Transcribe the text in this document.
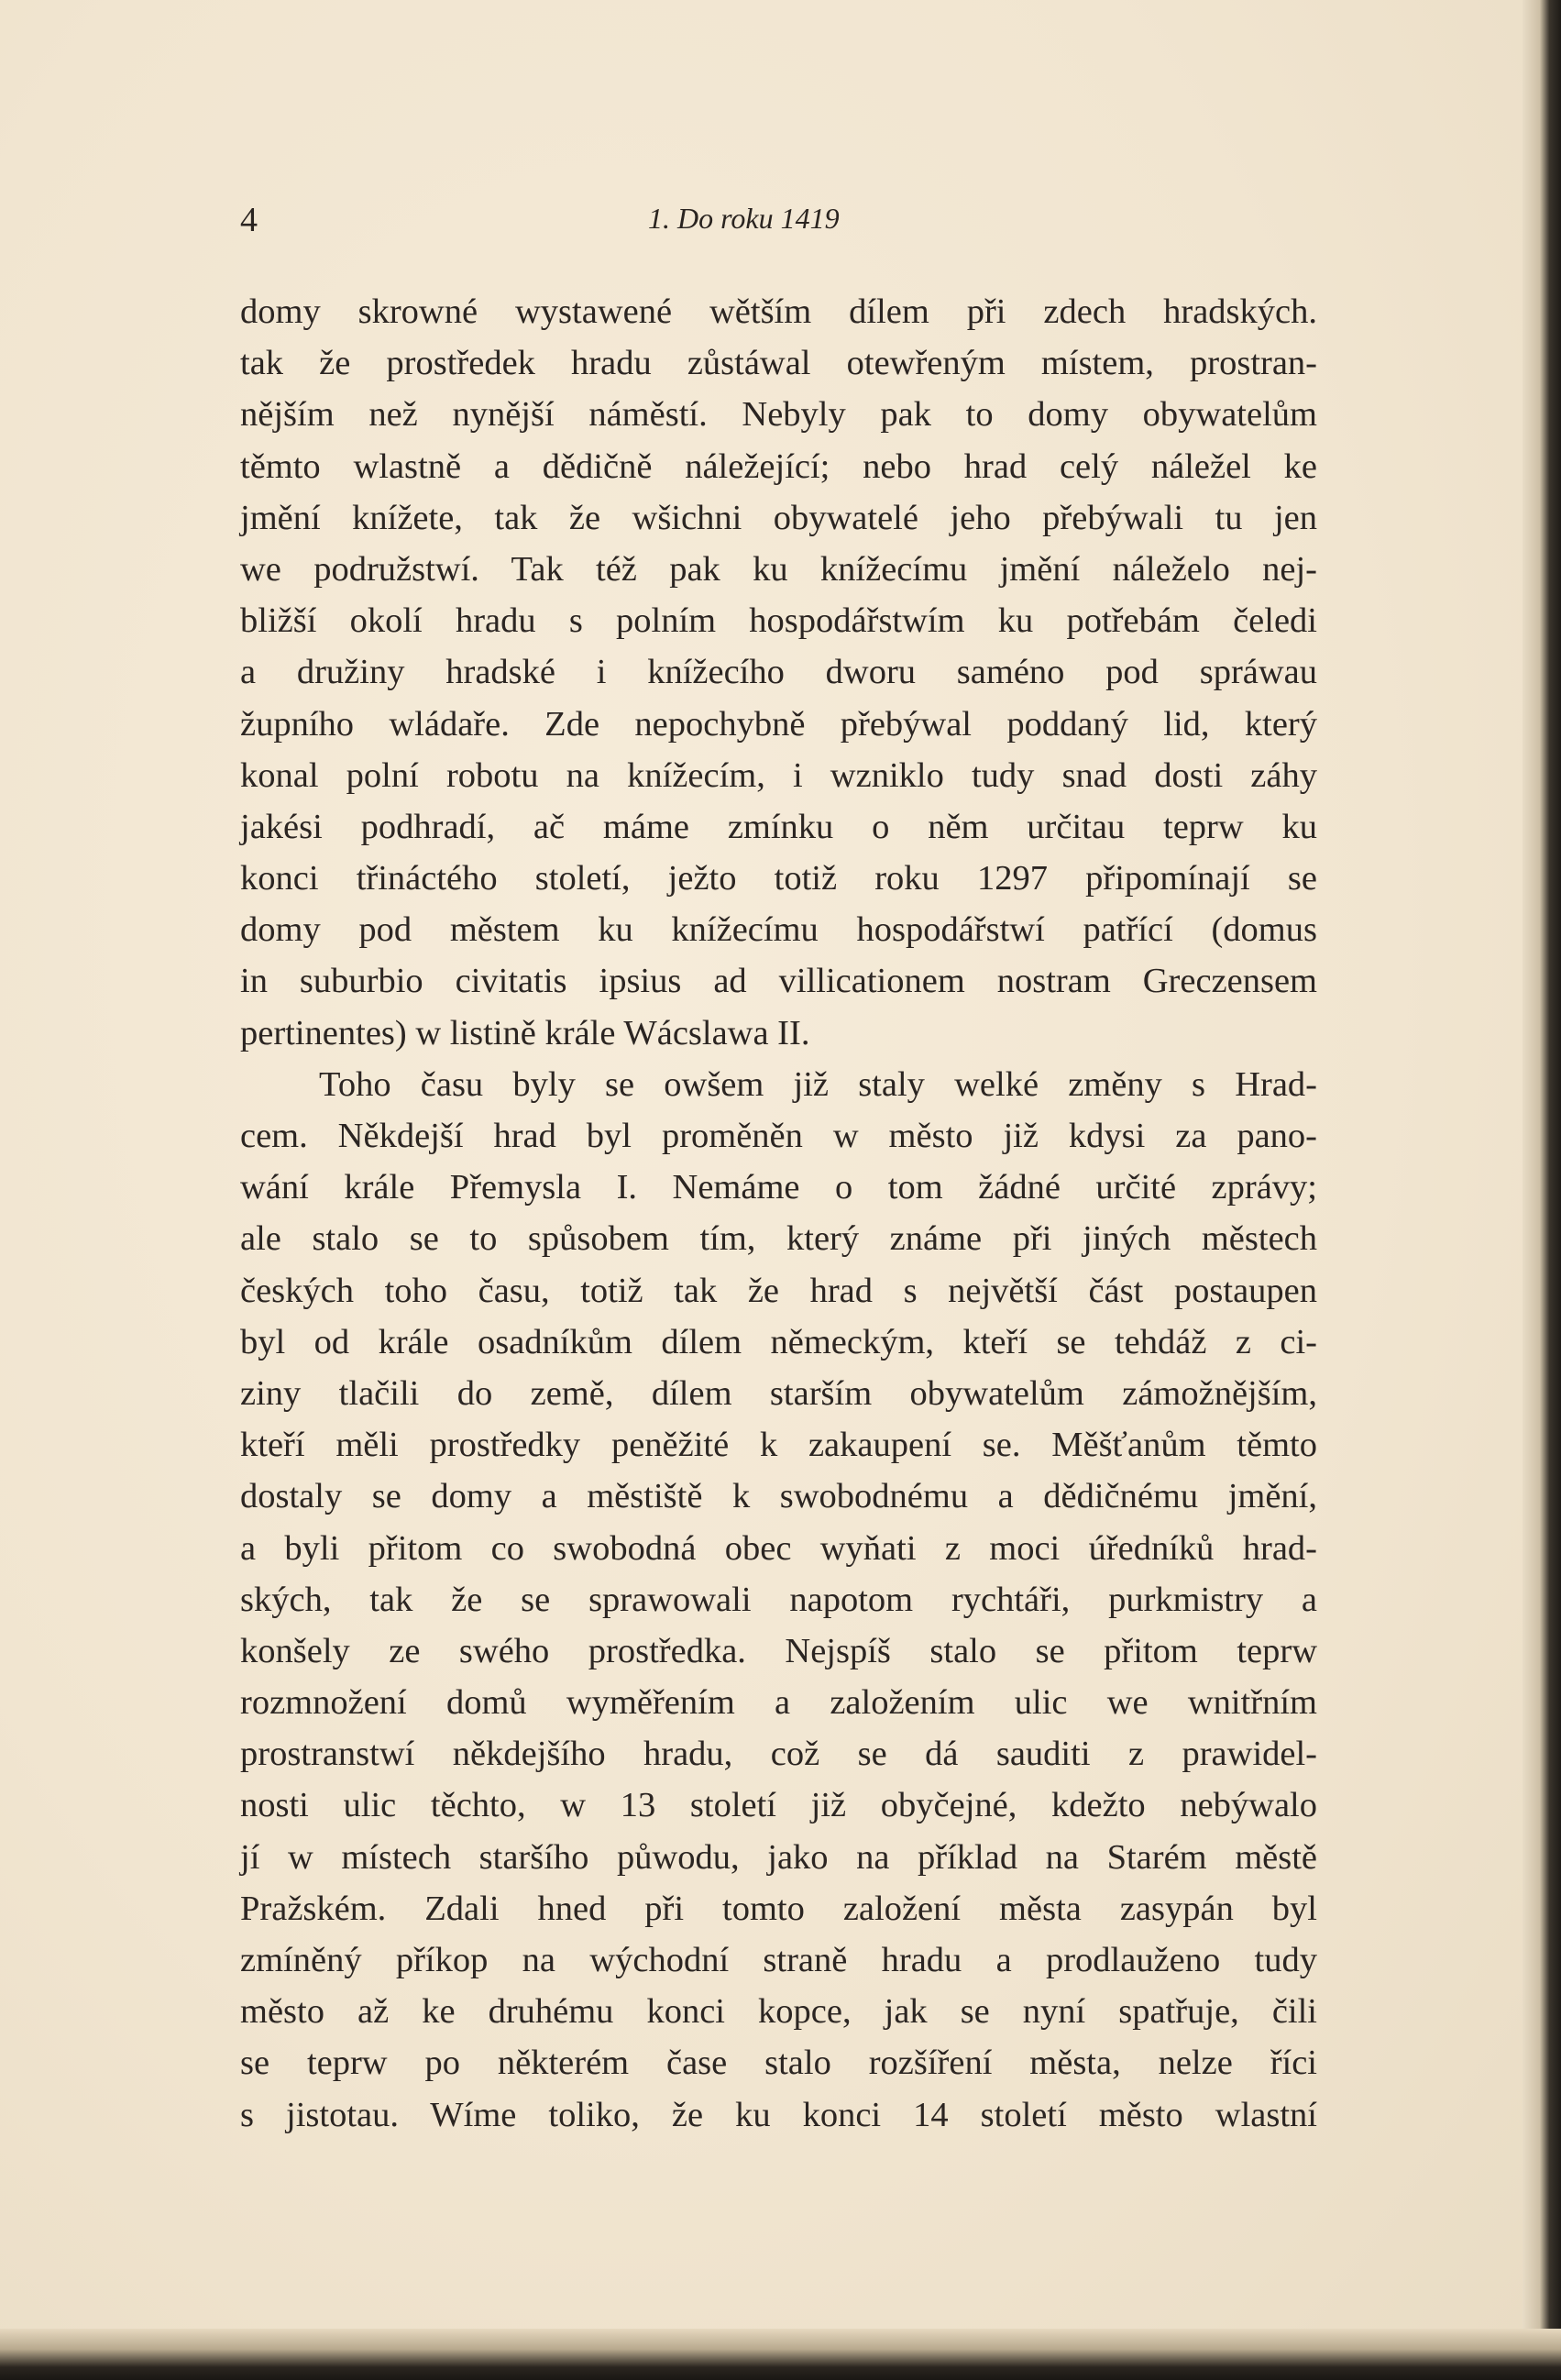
4	1. Do roku 1419
domy skrowné wystawené wětším dílem při zdech hradských.
tak že prostředek hradu zůstáwal otewřeným místem, prostran-
nějším než nynější náměstí. Nebyly pak to domy obywatelům
těmto wlastně a dědičně náležející; nebo hrad celý náležel ke
jmění knížete, tak že wšichni obywatelé jeho přebýwali tu jen
we podružstwí. Tak též pak ku knížecímu jmění náleželo nej-
bližší okolí hradu s polním hospodářstwím ku potřebám čeledi
a družiny hradské i knížecího dworu saméno pod spráwau
župního wládaře. Zde nepochybně přebýwal poddaný lid, který
konal polní robotu na knížecím, i wzniklo tudy snad dosti záhy
jakési podhradí, ač máme zmínku o něm určitau teprw ku
konci třináctého století, ježto totiž roku 1297 připomínají se
domy pod městem ku knížecímu hospodářstwí patřící (domus
in suburbio civitatis ipsius ad villicationem nostram Greczensem
pertinentes) w listině krále Wácslawa II.
Toho času byly se owšem již staly welké změny s Hrad-
cem. Někdejší hrad byl proměněn w město již kdysi za pano-
wání krále Přemysla I. Nemáme o tom žádné určité zprávy;
ale stalo se to spůsobem tím, který známe při jiných městech
českých toho času, totiž tak že hrad s největší část postaupen
byl od krále osadníkům dílem německým, kteří se tehdáž z ci-
ziny tlačili do země, dílem starším obywatelům zámožnějším,
kteří měli prostředky peněžité k zakaupení se. Měšťanům těmto
dostaly se domy a městiště k swobodnému a dědičnému jmění,
a byli přitom co swobodná obec wyňati z moci úředníků hrad-
ských, tak že se sprawowali napotom rychtáři, purkmistry a
konšely ze swého prostředka. Nejspíš stalo se přitom teprw
rozmnožení domů wyměřením a založením ulic we wnitřním
prostranstwí někdejšího hradu, což se dá sauditi z prawidel-
nosti ulic těchto, w 13 století již obyčejné, kdežto nebýwalo
jí w místech staršího půwodu, jako na příklad na Starém městě
Pražském. Zdali hned při tomto založení města zasypán byl
zmíněný příkop na wýchodní straně hradu a prodlauženo tudy
město až ke druhému konci kopce, jak se nyní spatřuje, čili
se teprw po některém čase stalo rozšíření města, nelze říci
s jistotau. Wíme toliko, že ku konci 14 století město wlastní
